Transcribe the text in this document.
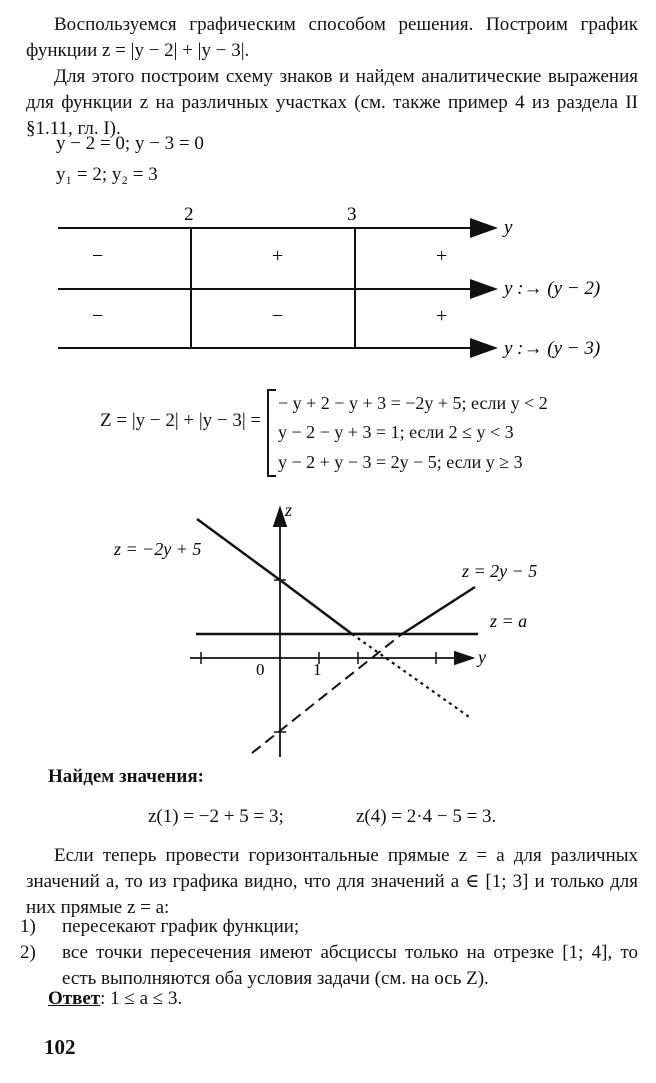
Воспользуемся графическим способом решения. Построим график функции z = |y − 2| + |y − 3|.

Для этого построим схему знаков и найдем аналитические выражения для функции z на различных участках (см. также пример 4 из раздела II §1.11, гл. I).

y − 2 = 0; y − 3 = 0
y₁ = 2; y₂ = 3
2	3
y
y :→ (y − 2)
y :→ (y − 3)
−	+	+
−	−	+
Z = |y − 2| + |y − 3| =
− y + 2 − y + 3 = −2y + 5; если y < 2
y − 2 − y + 3 = 1; если 2 ≤ y < 3
y − 2 + y − 3 = 2y − 5; если y ≥ 3
z
y
z = −2y + 5
z = 2y − 5
z = a
0	1
Найдем значения:
z(1) = −2 + 5 = 3;	z(4) = 2·4 − 5 = 3.

Если теперь провести горизонтальные прямые z = a для различных значений a, то из графика видно, что для значений a ∈ [1; 3] и только для них прямые z = a:

1) пересекают график функции;
2) все точки пересечения имеют абсциссы только на отрезке [1; 4], то есть выполняются оба условия задачи (см. на ось Z).
Ответ: 1 ≤ a ≤ 3.
102
